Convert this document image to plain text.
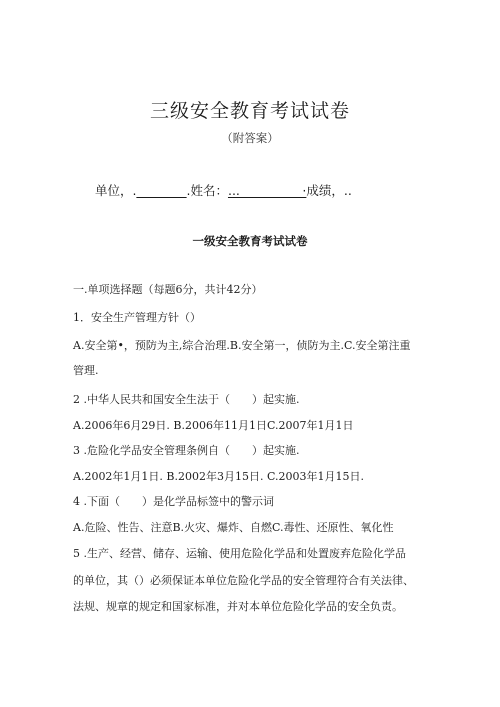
三级安全教育考试试卷
（附答案）
单位，.________.姓名：...__________·成绩，..
一级安全教育考试试卷
一.单项选择题（每题6分，共计42分）
1．安全生产管理方针（）
A.安全第•，预防为主,综合治理.B.安全第一，侦防为主.C.安全第注重
管理.
2 .中华人民共和国安全生法于（　　）起实施.
A.2006年6月29日. B.2006年11月1日C.2007年1月1日
3 .危险化学品安全管理条例自（　　）起实施.
A.2002年1月1日. B.2002年3月15日. C.2003年1月15日.
4 .下面（　　）是化学品标签中的警示词
A.危险、性告、注意B.火灾、爆炸、自燃C.毒性、还原性、氧化性
5 .生产、经营、储存、运输、使用危险化学品和处置废弃危险化学品
的单位，其（）必须保证本单位危险化学品的安全管理符合有关法律、
法规、规章的规定和国家标准，并对本单位危险化学品的安全负责。
